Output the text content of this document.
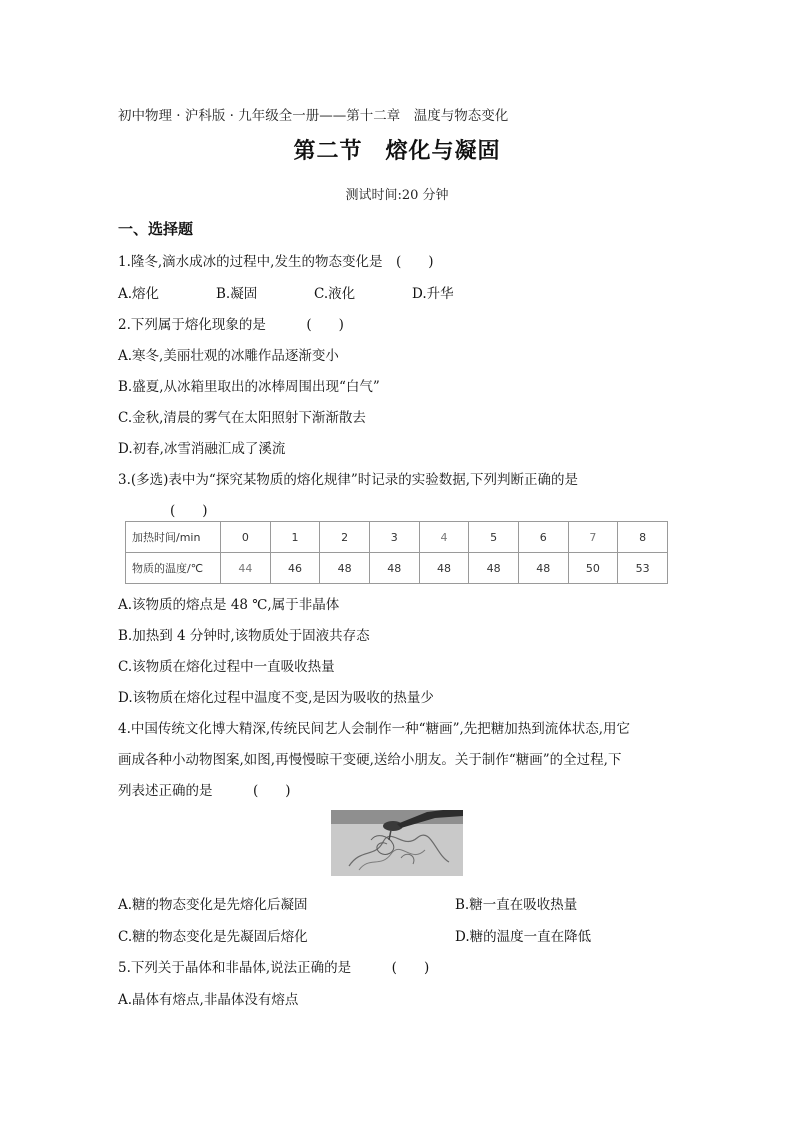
初中物理 · 沪科版 · 九年级全一册——第十二章　温度与物态变化
第二节　熔化与凝固
测试时间:20 分钟
一、选择题
1.隆冬,滴水成冰的过程中,发生的物态变化是　(　　)
A.熔化	B.凝固	C.液化	D.升华
2.下列属于熔化现象的是　　　(　　)
A.寒冬,美丽壮观的冰雕作品逐渐变小
B.盛夏,从冰箱里取出的冰棒周围出现“白气”
C.金秋,清晨的雾气在太阳照射下渐渐散去
D.初春,冰雪消融汇成了溪流
3.(多选)表中为“探究某物质的熔化规律”时记录的实验数据,下列判断正确的是
(　　)
加热时间/min	0	1	2	3	4	5	6	7	8
物质的温度/℃	44	46	48	48	48	48	48	50	53
A.该物质的熔点是 48 ℃,属于非晶体
B.加热到 4 分钟时,该物质处于固液共存态
C.该物质在熔化过程中一直吸收热量
D.该物质在熔化过程中温度不变,是因为吸收的热量少
4.中国传统文化博大精深,传统民间艺人会制作一种“糖画”,先把糖加热到流体状态,用它
画成各种小动物图案,如图,再慢慢晾干变硬,送给小朋友。关于制作“糖画”的全过程,下
列表述正确的是　　　(　　)
A.糖的物态变化是先熔化后凝固	B.糖一直在吸收热量
C.糖的物态变化是先凝固后熔化	D.糖的温度一直在降低
5.下列关于晶体和非晶体,说法正确的是　　　(　　)
A.晶体有熔点,非晶体没有熔点
